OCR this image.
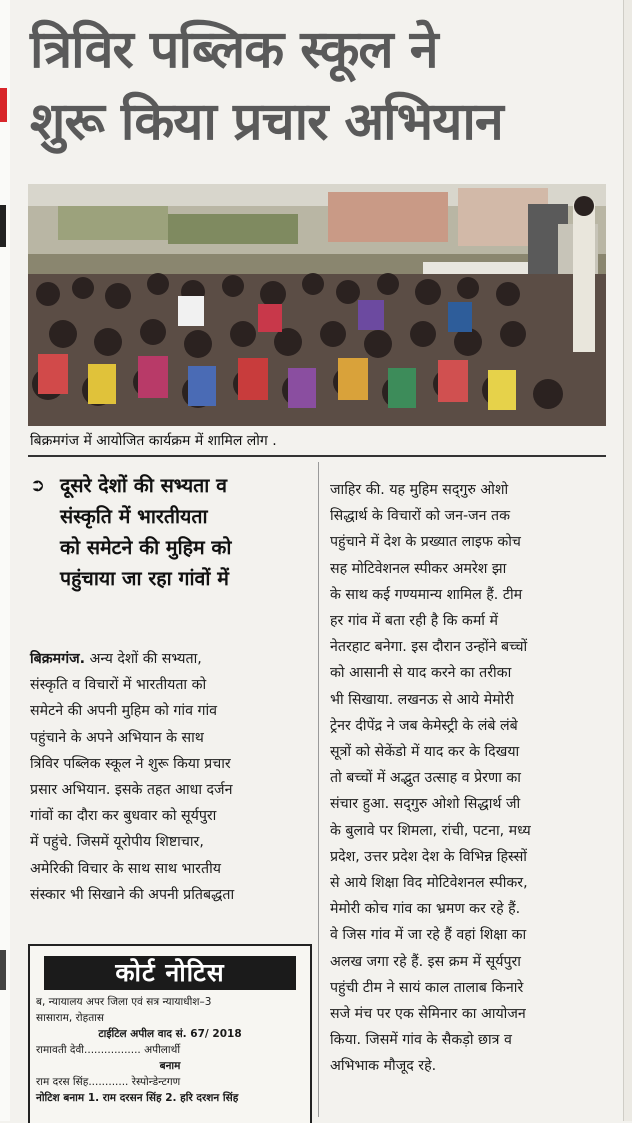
त्रिविर पब्लिक स्कूल ने
शुरू किया प्रचार अभियान
बिक्रमगंज में आयोजित कार्यक्रम में शामिल लोग .
➲ दूसरे देशों की सभ्यता व
संस्कृति में भारतीयता
को समेटने की मुहिम को
पहुंचाया जा रहा गांवों में
बिक्रमगंज. अन्य देशों की सभ्यता,
संस्कृति व विचारों में भारतीयता को
समेटने की अपनी मुहिम को गांव गांव
पहुंचाने के अपने अभियान के साथ
त्रिविर पब्लिक स्कूल ने शुरू किया प्रचार
प्रसार अभियान. इसके तहत आधा दर्जन
गांवों का दौरा कर बुधवार को सूर्यपुरा
में पहुंचे. जिसमें यूरोपीय शिष्टाचार,
अमेरिकी विचार के साथ साथ भारतीय
संस्कार भी सिखाने की अपनी प्रतिबद्धता
जाहिर की. यह मुहिम सद्‌गुरु ओशो
सिद्धार्थ के विचारों को जन-जन तक
पहुंचाने में देश के प्रख्यात लाइफ कोच
सह मोटिवेशनल स्पीकर अमरेश झा
के साथ कई गण्यमान्य शामिल हैं. टीम
हर गांव में बता रही है कि कर्मा में
नेतरहाट बनेगा. इस दौरान उन्होंने बच्चों
को आसानी से याद करने का तरीका
भी सिखाया. लखनऊ से आये मेमोरी
ट्रेनर दीपेंद्र ने जब केमेस्ट्री के लंबे लंबे
सूत्रों को सेकेंडो में याद कर के दिखया
तो बच्चों में अद्भुत उत्साह व प्रेरणा का
संचार हुआ. सद्‌गुरु ओशो सिद्धार्थ जी
के बुलावे पर शिमला, रांची, पटना, मध्य
प्रदेश, उत्तर प्रदेश देश के विभिन्न हिस्सों
से आये शिक्षा विद मोटिवेशनल स्पीकर,
मेमोरी कोच गांव का भ्रमण कर रहे हैं.
वे जिस गांव में जा रहे हैं वहां शिक्षा का
अलख जगा रहे हैं. इस क्रम में सूर्यपुरा
पहुंची टीम ने सायं काल तालाब किनारे
सजे मंच पर एक सेमिनार का आयोजन
किया. जिसमें गांव के सैकड़ो छात्र व
अभिभाक मौजूद रहे.
कोर्ट नोटिस
ब, न्यायालय अपर जिला एवं सत्र न्यायाधीश–3
सासाराम, रोहतास
टाईटिल अपील वाद सं. 67/ 2018
रामावती देवी................. अपीलार्थी
बनाम
राम दरस सिंह............ रेस्पोन्डेन्टगण
नोटिश बनाम 1. राम दरसन सिंह 2. हरि दरशन सिंह
